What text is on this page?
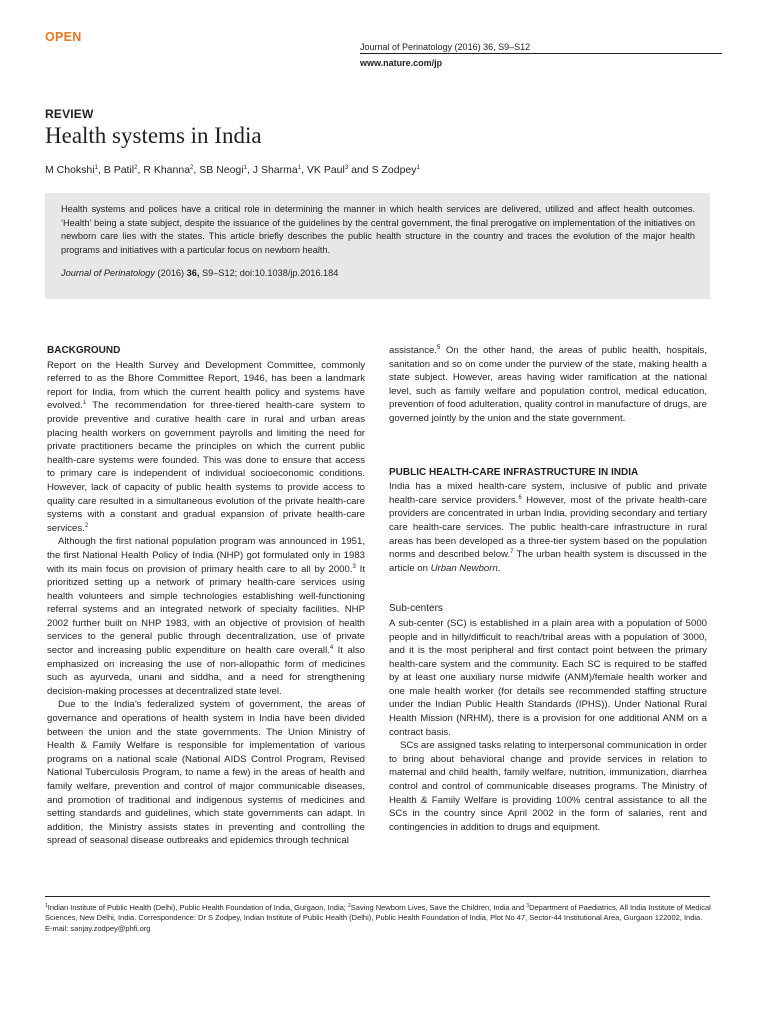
OPEN
Journal of Perinatology (2016) 36, S9–S12
www.nature.com/jp
REVIEW
Health systems in India
M Chokshi$^1$, B Patil$^2$, R Khanna$^2$, SB Neogi$^1$, J Sharma$^1$, VK Paul$^3$ and S Zodpey$^1$
Health systems and polices have a critical role in determining the manner in which health services are delivered, utilized and affect health outcomes. ‘Health’ being a state subject, despite the issuance of the guidelines by the central government, the final prerogative on implementation of the initiatives on newborn care lies with the states. This article briefly describes the public health structure in the country and traces the evolution of the major health programs and initiatives with a particular focus on newborn health.
Journal of Perinatology (2016) 36, S9–S12; doi:10.1038/jp.2016.184
BACKGROUND

Report on the Health Survey and Development Committee, commonly referred to as the Bhore Committee Report, 1946, has been a landmark report for India, from which the current health policy and systems have evolved.$^1$ The recommendation for three-tiered health-care system to provide preventive and curative health care in rural and urban areas placing health workers on government payrolls and limiting the need for private practitioners became the principles on which the current public health-care systems were founded. This was done to ensure that access to primary care is independent of individual socioeconomic conditions. However, lack of capacity of public health systems to provide access to quality care resulted in a simultaneous evolution of the private health-care systems with a constant and gradual expansion of private health-care services.$^2$

Although the first national population program was announced in 1951, the first National Health Policy of India (NHP) got formulated only in 1983 with its main focus on provision of primary health care to all by 2000.$^3$ It prioritized setting up a network of primary health-care services using health volunteers and simple technologies establishing well-functioning referral systems and an integrated network of specialty facilities. NHP 2002 further built on NHP 1983, with an objective of provision of health services to the general public through decentralization, use of private sector and increasing public expenditure on health care overall.$^4$ It also emphasized on increasing the use of non-allopathic form of medicines such as ayurveda, unani and siddha, and a need for strengthening decision-making processes at decentralized state level.

Due to the India’s federalized system of government, the areas of governance and operations of health system in India have been divided between the union and the state governments. The Union Ministry of Health & Family Welfare is responsible for implementation of various programs on a national scale (National AIDS Control Program, Revised National Tuberculosis Program, to name a few) in the areas of health and family welfare, prevention and control of major communicable diseases, and promotion of traditional and indigenous systems of medicines and setting standards and guidelines, which state governments can adapt. In addition, the Ministry assists states in preventing and controlling the spread of seasonal disease outbreaks and epidemics through technical

assistance.$^5$ On the other hand, the areas of public health, hospitals, sanitation and so on come under the purview of the state, making health a state subject. However, areas having wider ramification at the national level, such as family welfare and population control, medical education, prevention of food adulteration, quality control in manufacture of drugs, are governed jointly by the union and the state government.

PUBLIC HEALTH-CARE INFRASTRUCTURE IN INDIA

India has a mixed health-care system, inclusive of public and private health-care service providers.$^6$ However, most of the private health-care providers are concentrated in urban India, providing secondary and tertiary care health-care services. The public health-care infrastructure in rural areas has been developed as a three-tier system based on the population norms and described below.$^7$ The urban health system is discussed in the article on Urban Newborn.

Sub-centers

A sub-center (SC) is established in a plain area with a population of 5000 people and in hilly/difficult to reach/tribal areas with a population of 3000, and it is the most peripheral and first contact point between the primary health-care system and the community. Each SC is required to be staffed by at least one auxiliary nurse midwife (ANM)/female health worker and one male health worker (for details see recommended staffing structure under the Indian Public Health Standards (IPHS)). Under National Rural Health Mission (NRHM), there is a provision for one additional ANM on a contract basis.

SCs are assigned tasks relating to interpersonal communication in order to bring about behavioral change and provide services in relation to maternal and child health, family welfare, nutrition, immunization, diarrhea control and control of communicable diseases programs. The Ministry of Health & Family Welfare is providing 100% central assistance to all the SCs in the country since April 2002 in the form of salaries, rent and contingencies in addition to drugs and equipment.

$^1$Indian Institute of Public Health (Delhi), Public Health Foundation of India, Gurgaon, India; $^2$Saving Newborn Lives, Save the Children, India and $^3$Department of Paediatrics, All India Institute of Medical Sciences, New Delhi, India. Correspondence: Dr S Zodpey, Indian Institute of Public Health (Delhi), Public Health Foundation of India, Plot No 47, Sector-44 Institutional Area, Gurgaon 122002, India.
E-mail: sanjay.zodpey@phfi.org
